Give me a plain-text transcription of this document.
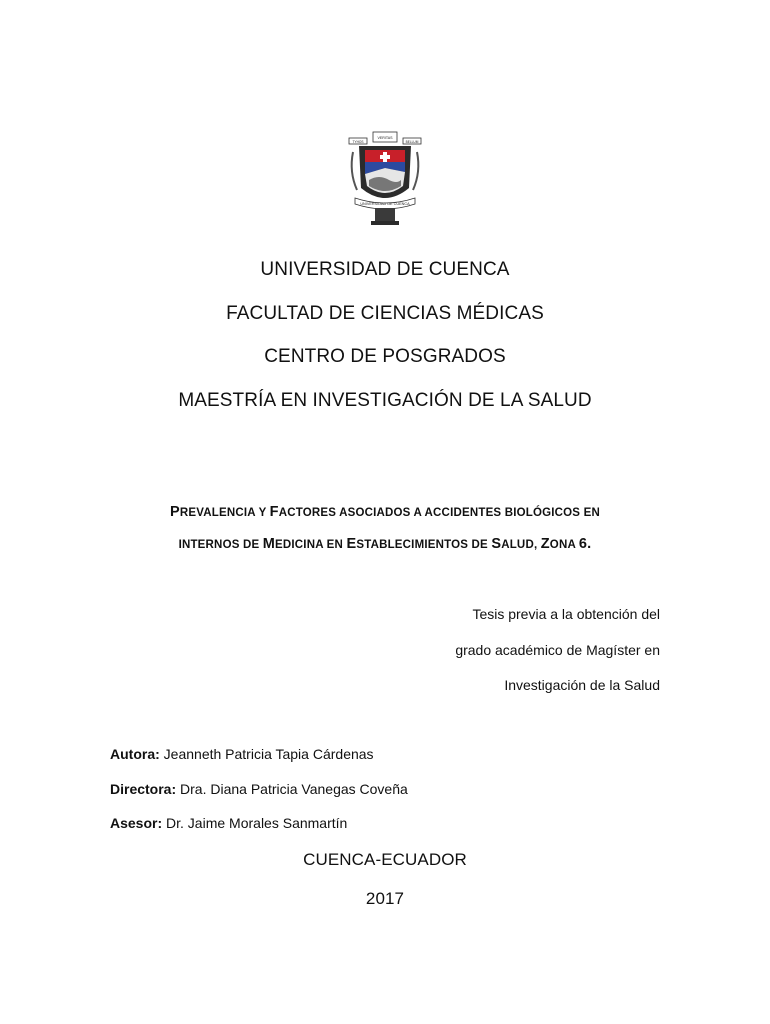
TYHOS
VERITAS
BELLUM
UNIVERSIDAD DE CUENCA
UNIVERSIDAD DE CUENCA
FACULTAD DE CIENCIAS MÉDICAS
CENTRO DE POSGRADOS
MAESTRÍA EN INVESTIGACIÓN DE LA SALUD
PREVALENCIA Y FACTORES ASOCIADOS A ACCIDENTES BIOLÓGICOS EN
INTERNOS DE MEDICINA EN ESTABLECIMIENTOS DE SALUD, ZONA 6.
Tesis previa a la obtención del
grado académico de Magíster en
Investigación de la Salud
Autora: Jeanneth Patricia Tapia Cárdenas
Directora: Dra. Diana Patricia Vanegas Coveña
Asesor: Dr. Jaime Morales Sanmartín
CUENCA-ECUADOR
2017
